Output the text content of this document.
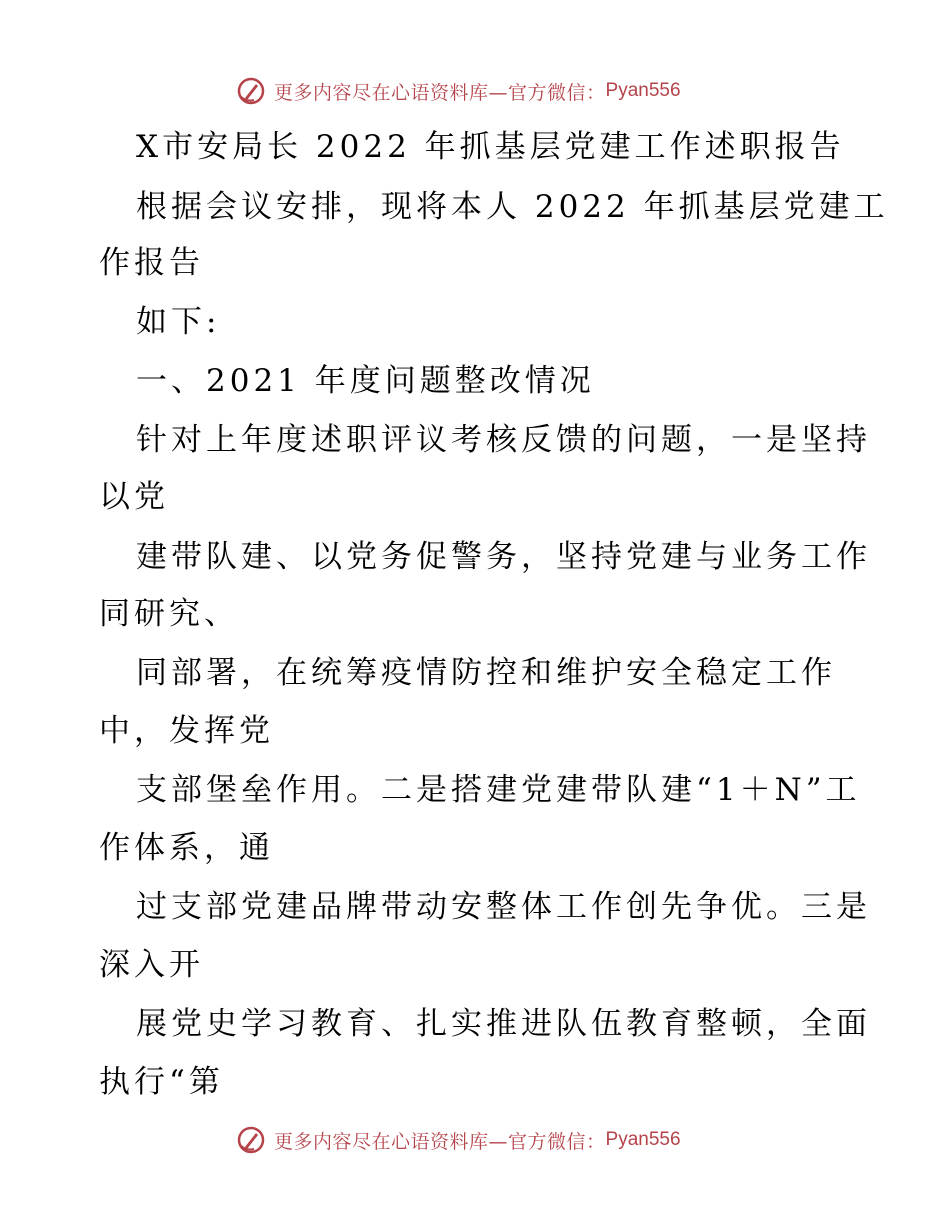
更多内容尽在心语资料库—官方微信： Pyan556
X市安局长 2022 年抓基层党建工作述职报告
根据会议安排，现将本人 2022 年抓基层党建工
作报告
如下:
一、2021 年度问题整改情况
针对上年度述职评议考核反馈的问题，一是坚持
以党
建带队建、以党务促警务，坚持党建与业务工作
同研究、
同部署，在统筹疫情防控和维护安全稳定工作
中，发挥党
支部堡垒作用。二是搭建党建带队建“1＋N”工
作体系，通
过支部党建品牌带动安整体工作创先争优。三是
深入开
展党史学习教育、扎实推进队伍教育整顿，全面
执行“第
更多内容尽在心语资料库—官方微信： Pyan556
